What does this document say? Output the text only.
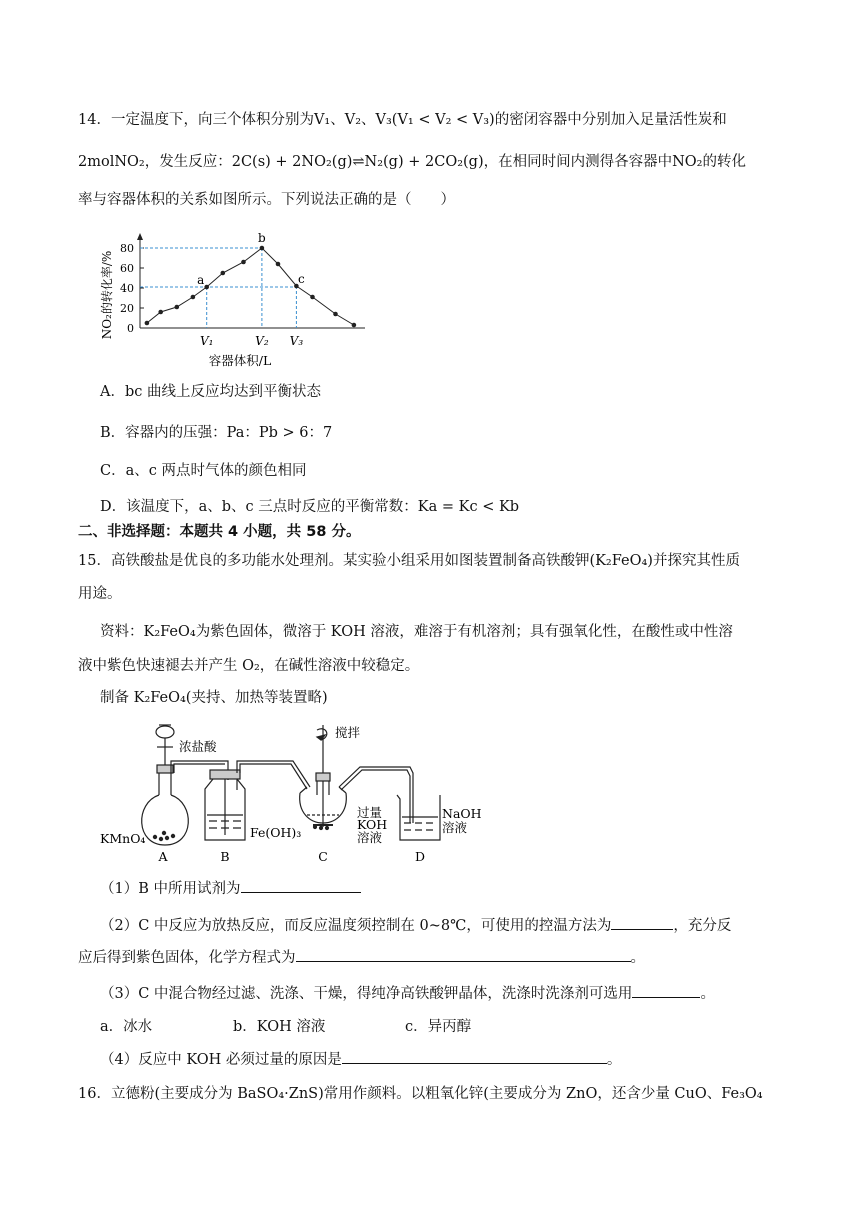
14．一定温度下，向三个体积分别为V₁、V₂、V₃(V₁ < V₂ < V₃)的密闭容器中分别加入足量活性炭和
2molNO₂，发生反应：2C(s) + 2NO₂(g)⇌N₂(g) + 2CO₂(g)，在相同时间内测得各容器中NO₂的转化
率与容器体积的关系如图所示。下列说法正确的是（　　）
NO₂的转化率/% 0
20
40
60
80
V₁	V₂ V₃
a
b
c
容器体积/L
A．bc 曲线上反应均达到平衡状态
B．容器内的压强：Pa：Pb > 6：7
C．a、c 两点时气体的颜色相同
D．该温度下，a、b、c 三点时反应的平衡常数：Ka = Kc < Kb
二、非选择题：本题共 4 小题，共 58 分。
15．高铁酸盐是优良的多功能水处理剂。某实验小组采用如图装置制备高铁酸钾(K₂FeO₄)并探究其性质
用途。
资料：K₂FeO₄为紫色固体，微溶于 KOH 溶液，难溶于有机溶剂；具有强氧化性，在酸性或中性溶
液中紫色快速褪去并产生 O₂，在碱性溶液中较稳定。
制备 K₂FeO₄(夹持、加热等装置略)
浓盐酸
KMnO₄	Fe(OH)₃
搅拌
过量
KOH
溶液
NaOH
溶液
A	B	C	D
（1）B 中所用试剂为
（2）C 中反应为放热反应，而反应温度须控制在 0~8℃，可使用的控温方法为	，充分反
应后得到紫色固体，化学方程式为	。
（3）C 中混合物经过滤、洗涤、干燥，得纯净高铁酸钾晶体，洗涤时洗涤剂可选用	。
a．冰水	b．KOH 溶液	c．异丙醇
（4）反应中 KOH 必须过量的原因是	。
16．立德粉(主要成分为 BaSO₄·ZnS)常用作颜料。以粗氧化锌(主要成分为 ZnO，还含少量 CuO、Fe₃O₄
